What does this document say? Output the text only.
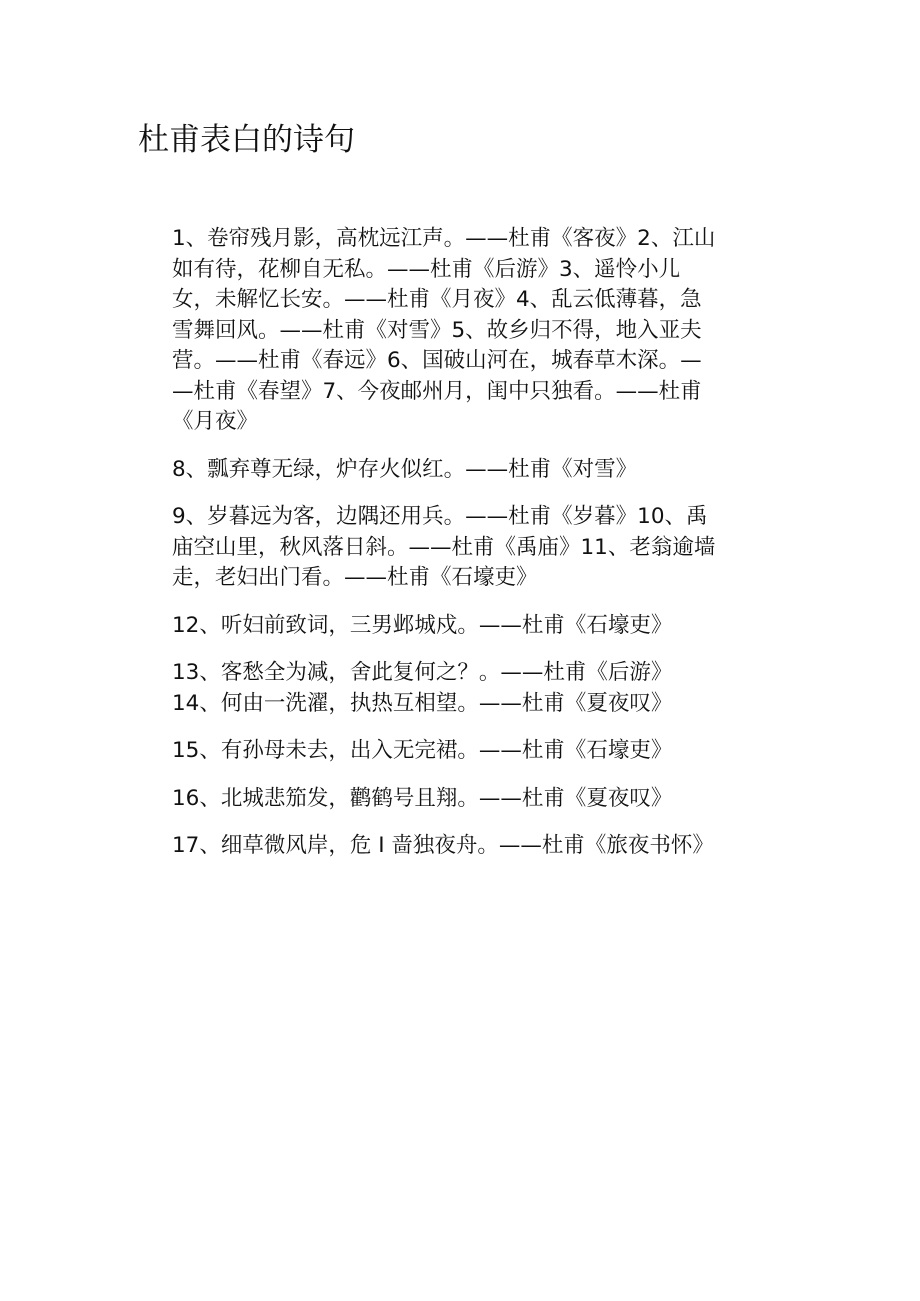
杜甫表白的诗句
1、卷帘残月影，高枕远江声。——杜甫《客夜》2、江山
如有待，花柳自无私。——杜甫《后游》3、遥怜小儿
女，未解忆长安。——杜甫《月夜》4、乱云低薄暮，急
雪舞回风。——杜甫《对雪》5、故乡归不得，地入亚夫
营。——杜甫《春远》6、国破山河在，城春草木深。—
—杜甫《春望》7、今夜邮州月，闺中只独看。——杜甫
《月夜》
8、瓢弃尊无绿，炉存火似红。——杜甫《对雪》
9、岁暮远为客，边隅还用兵。——杜甫《岁暮》10、禹
庙空山里，秋风落日斜。——杜甫《禹庙》11、老翁逾墙
走，老妇出门看。——杜甫《石壕吏》
12、听妇前致词，三男邺城戍。——杜甫《石壕吏》
13、客愁全为减，舍此复何之？。——杜甫《后游》
14、何由一洗濯，执热互相望。——杜甫《夏夜叹》
15、有孙母未去，出入无完裙。——杜甫《石壕吏》
16、北城悲笳发，鹳鹤号且翔。——杜甫《夏夜叹》
17、细草微风岸，危 I 啬独夜舟。——杜甫《旅夜书怀》
